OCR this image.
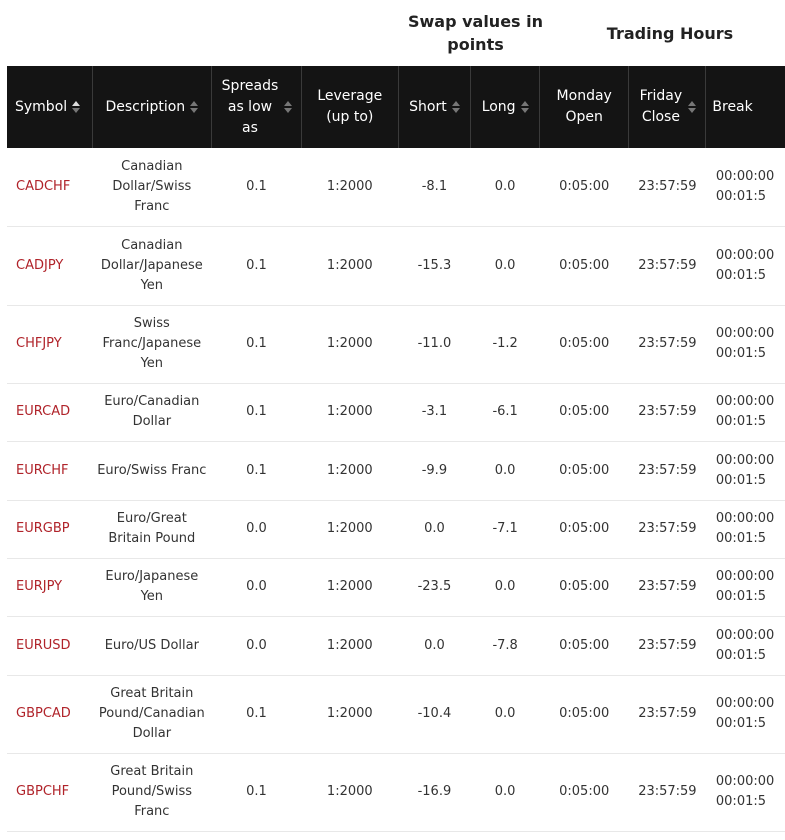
Swap values in points
Trading Hours
Symbol	Description	Spreads as low as	Leverage (up to)	Short	Long	Monday Open	Friday Close	Break

CADCHF	Canadian Dollar/Swiss Franc	0.1	1:2000	-8.1	0.0	0:05:00	23:57:59	00:00:00
00:01:5

CADJPY	Canadian Dollar/Japanese Yen	0.1	1:2000	-15.3	0.0	0:05:00	23:57:59	00:00:00
00:01:5

CHFJPY	Swiss Franc/Japanese Yen	0.1	1:2000	-11.0	-1.2	0:05:00	23:57:59	00:00:00
00:01:5

EURCAD	Euro/Canadian Dollar	0.1	1:2000	-3.1	-6.1	0:05:00	23:57:59	00:00:00
00:01:5

EURCHF	Euro/Swiss Franc	0.1	1:2000	-9.9	0.0	0:05:00	23:57:59	00:00:00
00:01:5

EURGBP	Euro/Great Britain Pound	0.0	1:2000	0.0	-7.1	0:05:00	23:57:59	00:00:00
00:01:5

EURJPY	Euro/Japanese Yen	0.0	1:2000	-23.5	0.0	0:05:00	23:57:59	00:00:00
00:01:5

EURUSD	Euro/US Dollar	0.0	1:2000	0.0	-7.8	0:05:00	23:57:59	00:00:00
00:01:5

GBPCAD	Great Britain Pound/Canadian Dollar	0.1	1:2000	-10.4	0.0	0:05:00	23:57:59	00:00:00
00:01:5

GBPCHF	Great Britain Pound/Swiss Franc	0.1	1:2000	-16.9	0.0	0:05:00	23:57:59	00:00:00
00:01:5
